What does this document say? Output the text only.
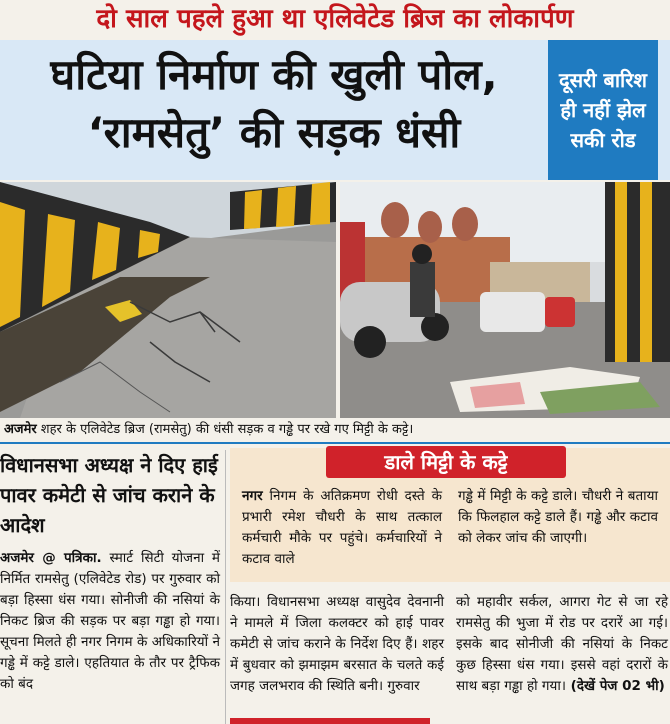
दो साल पहले हुआ था एलिवेटेड ब्रिज का लोकार्पण
घटिया निर्माण की खुली पोल,
‘रामसेतु’ की सड़क धंसी
दूसरी बारिश ही नहीं झेल सकी रोड
अजमेर शहर के एलिवेटेड ब्रिज (रामसेतु) की धंसी सड़क व गड्ढे पर रखे गए मिट्टी के कट्टे।
विधानसभा अध्यक्ष ने दिए हाई पावर कमेटी से जांच कराने के आदेश
अजमेर @ पत्रिका. स्मार्ट सिटी योजना में निर्मित रामसेतु (एलिवेटेड रोड) पर गुरुवार को बड़ा हिस्सा धंस गया। सोनीजी की नसियां के निकट ब्रिज की सड़क पर बड़ा गड्ढा हो गया। सूचना मिलते ही नगर निगम के अधिकारियों ने गड्ढे में कट्टे डाले। एहतियात के तौर पर ट्रैफिक को बंद
डाले मिट्टी के कट्टे
नगर निगम के अतिक्रमण रोधी दस्ते के प्रभारी रमेश चौधरी के साथ तत्काल कर्मचारी मौके पर पहुंचे। कर्मचारियों ने कटाव वाले
गड्ढे में मिट्टी के कट्टे डाले। चौधरी ने बताया कि फिलहाल कट्टे डाले हैं। गड्ढे और कटाव को लेकर जांच की जाएगी।
किया। विधानसभा अध्यक्ष वासुदेव देवनानी ने मामले में जिला कलक्टर को हाई पावर कमेटी से जांच कराने के निर्देश दिए हैं। शहर में बुधवार को झमाझम बरसात के चलते कई जगह जलभराव की स्थिति बनी। गुरुवार
को महावीर सर्कल, आगरा गेट से जा रहे रामसेतु की भुजा में रोड पर दरारें आ गई। इसके बाद सोनीजी की नसियां के निकट कुछ हिस्सा धंस गया। इससे वहां दरारों के साथ बड़ा गड्ढा हो गया। (देखें पेज 02 भी)
